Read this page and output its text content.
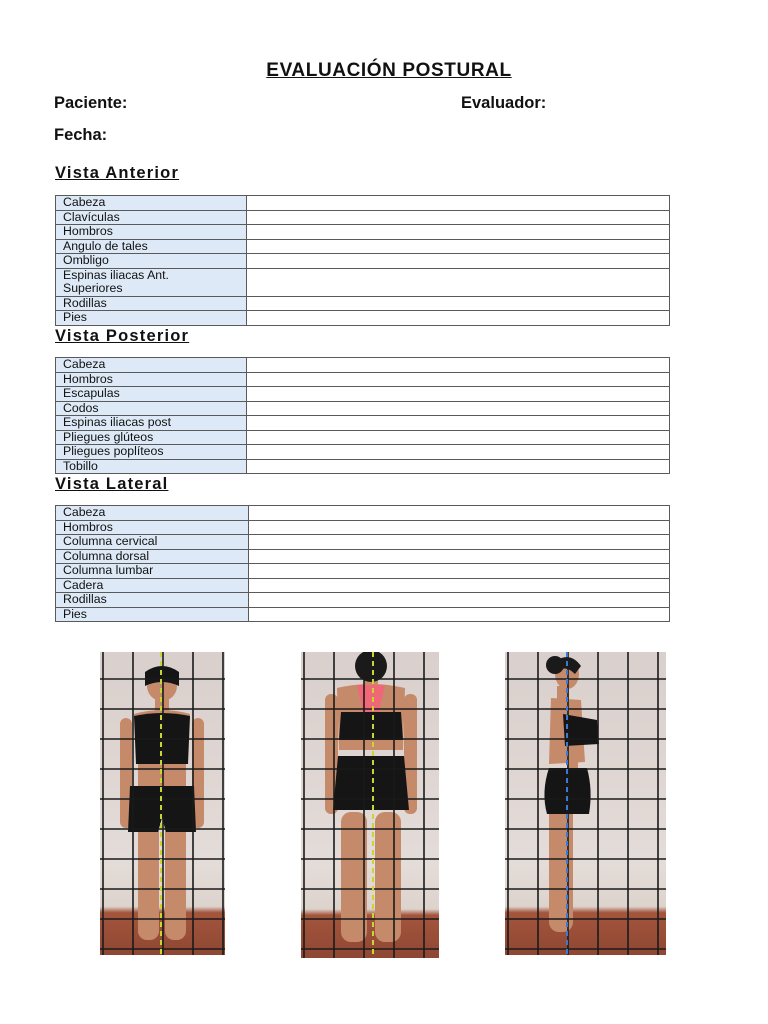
EVALUACIÓN POSTURAL
Paciente:	Evaluador:
Fecha:
Vista Anterior
Cabeza	
Clavículas	
Hombros	
Angulo de tales	
Ombligo	
Espinas iliacas Ant.
Superiores	
Rodillas	
Pies	
Vista Posterior
Cabeza	
Hombros	
Escapulas	
Codos	
Espinas iliacas post	
Pliegues glúteos	
Pliegues poplíteos	
Tobillo	
Vista Lateral
Cabeza	
Hombros	
Columna cervical	
Columna dorsal	
Columna lumbar	
Cadera	
Rodillas	
Pies	
